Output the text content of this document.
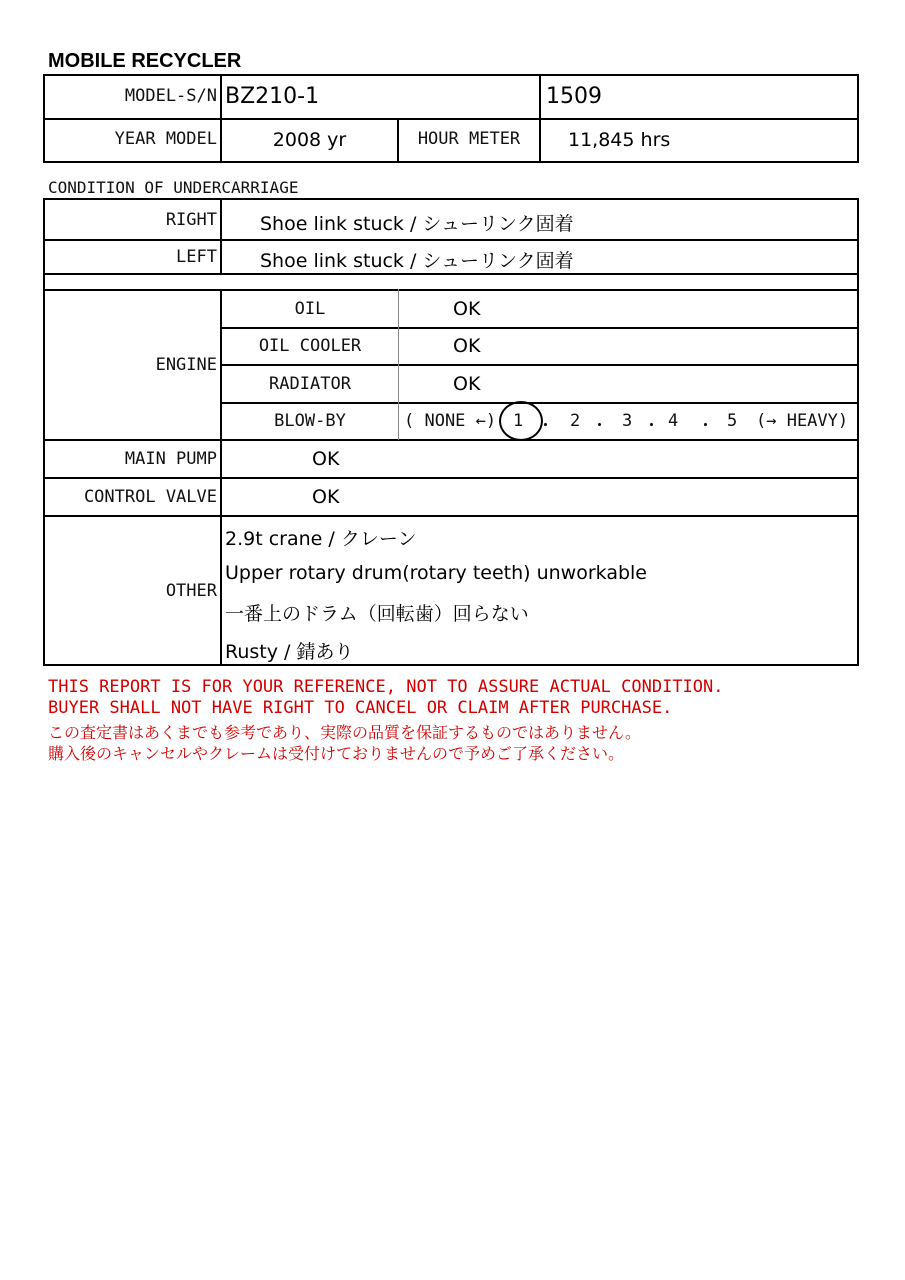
MOBILE RECYCLER
MODEL-S/N BZ210-1	1509
YEAR MODEL	2008 yr	HOUR METER	11,845 hrs
CONDITION OF UNDERCARRIAGE
RIGHT Shoe link stuck / シューリンク固着
LEFT Shoe link stuck / シューリンク固着
ENGINE
OIL	OK
OIL COOLER	OK
RADIATOR	OK
BLOW-BY	( NONE ←) 1 ・ 2 ・ 3 ・ 4 ・ 5 (→ HEAVY)
MAIN PUMP	OK
CONTROL VALVE	OK
OTHER
2.9t crane / クレーン
Upper rotary drum(rotary teeth) unworkable
一番上のドラム（回転歯）回らない
Rusty / 錆あり
THIS REPORT IS FOR YOUR REFERENCE, NOT TO ASSURE ACTUAL CONDITION.
BUYER SHALL NOT HAVE RIGHT TO CANCEL OR CLAIM AFTER PURCHASE.
この査定書はあくまでも参考であり、実際の品質を保証するものではありません。
購入後のキャンセルやクレームは受付けておりませんので予めご了承ください。
